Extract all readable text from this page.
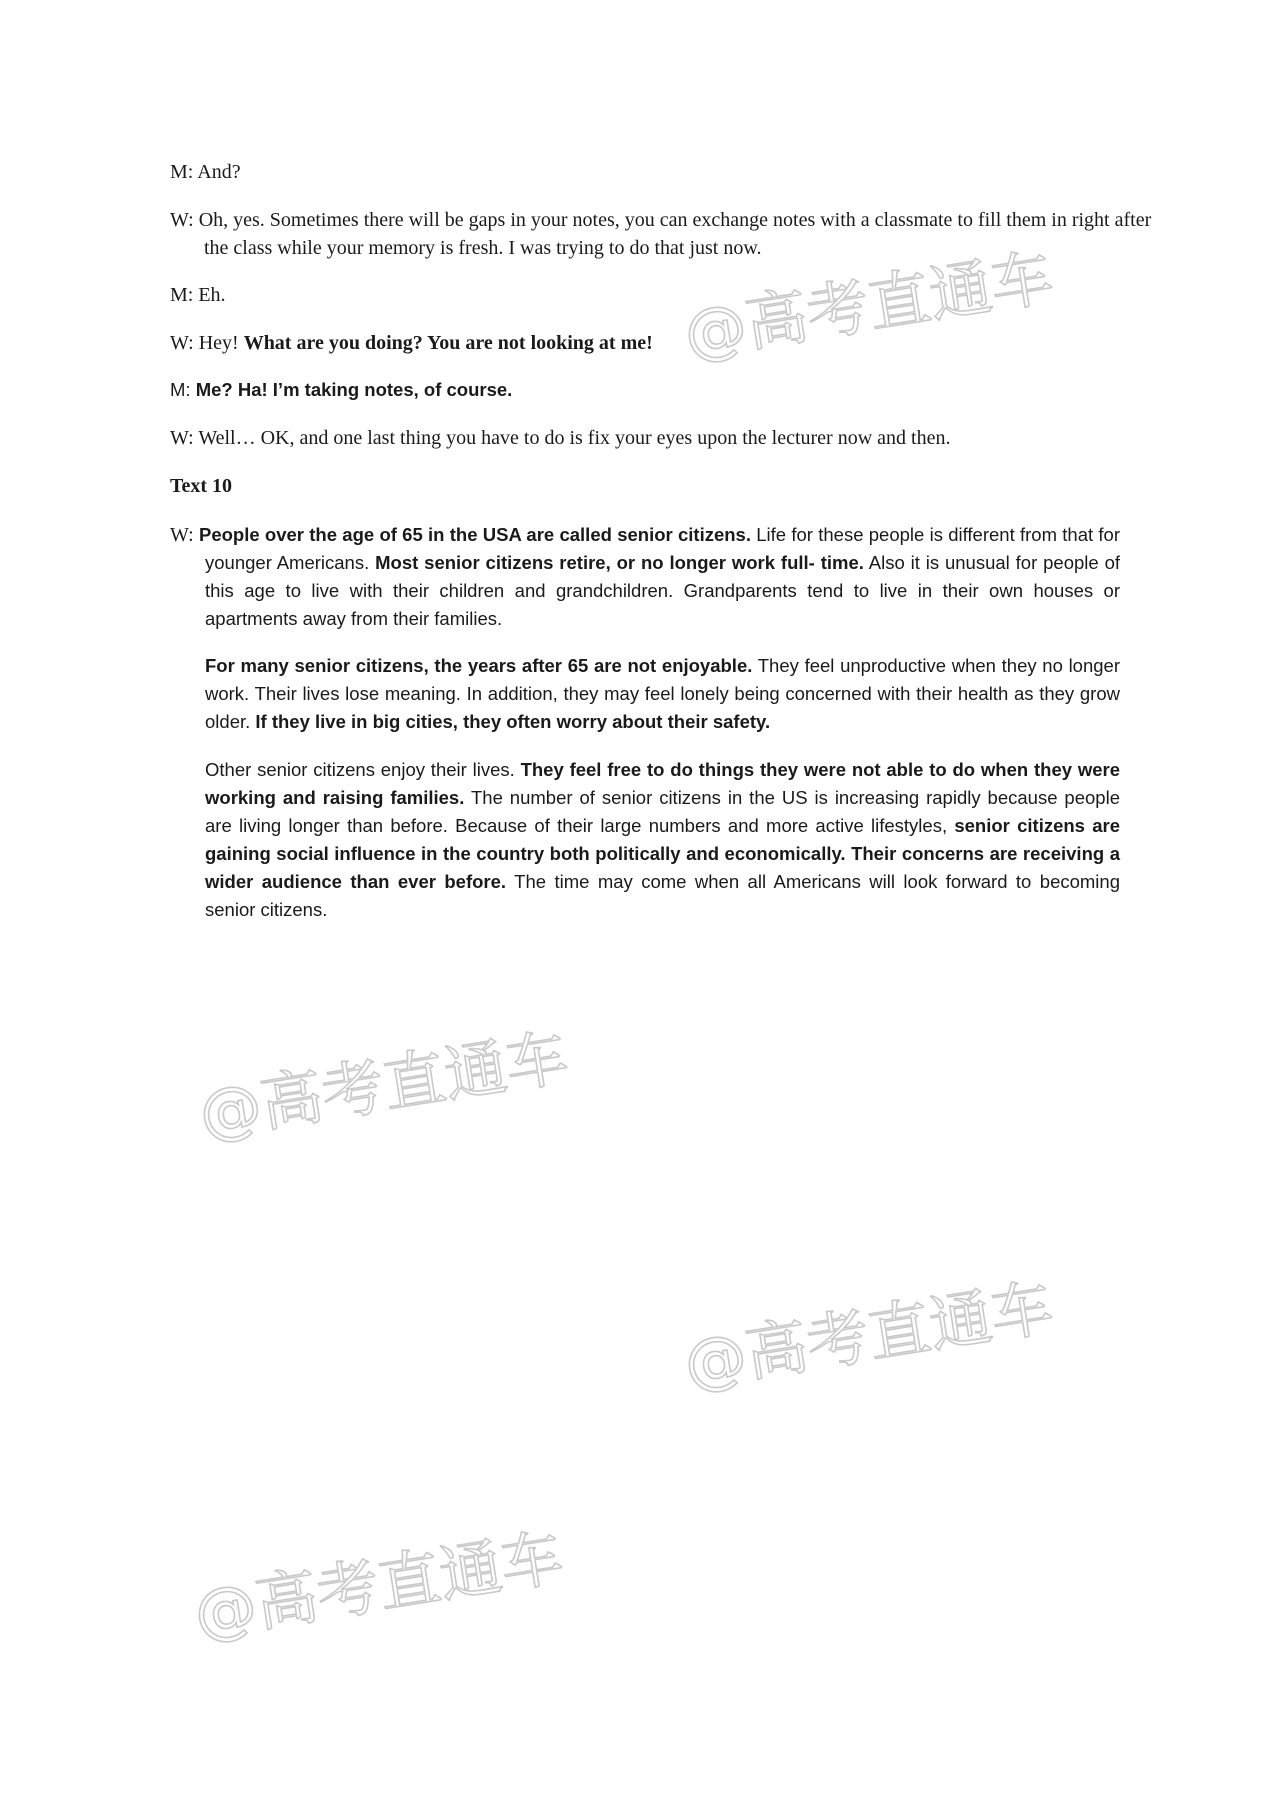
M: And?
W: Oh, yes. Sometimes there will be gaps in your notes, you can exchange notes with a classmate to fill them in right after the class while your memory is fresh. I was trying to do that just now.
M: Eh.
W: Hey! What are you doing? You are not looking at me!
M: Me? Ha! I’m taking notes, of course.
W: Well… OK, and one last thing you have to do is fix your eyes upon the lecturer now and then.
Text 10
W: People over the age of 65 in the USA are called senior citizens. Life for these people is different from that for younger Americans. Most senior citizens retire, or no longer work full- time. Also it is unusual for people of this age to live with their children and grandchildren. Grandparents tend to live in their own houses or apartments away from their families.
For many senior citizens, the years after 65 are not enjoyable. They feel unproductive when they no longer work. Their lives lose meaning. In addition, they may feel lonely being concerned with their health as they grow older. If they live in big cities, they often worry about their safety.
Other senior citizens enjoy their lives. They feel free to do things they were not able to do when they were working and raising families. The number of senior citizens in the US is increasing rapidly because people are living longer than before. Because of their large numbers and more active lifestyles, senior citizens are gaining social influence in the country both politically and economically. Their concerns are receiving a wider audience than ever before. The time may come when all Americans will look forward to becoming senior citizens.
@高考直通车
@高考直通车
@高考直通车
@高考直通车
